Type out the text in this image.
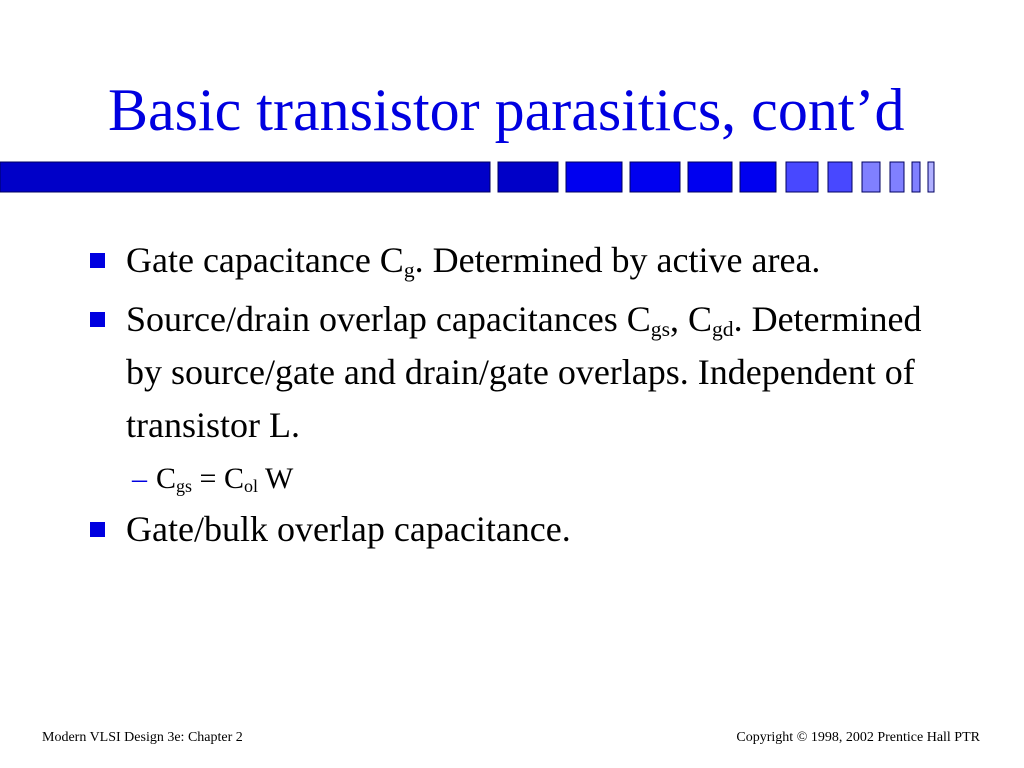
Basic transistor parasitics, cont’d
Gate capacitance $C_g$. Determined by active area.
Source/drain overlap capacitances $C_{gs}$, $C_{gd}$. Determined by source/gate and drain/gate overlaps. Independent of transistor L.
– $C_{gs} = C_{ol}$ W
Gate/bulk overlap capacitance.
Modern VLSI Design 3e: Chapter 2	Copyright © 1998, 2002 Prentice Hall PTR
